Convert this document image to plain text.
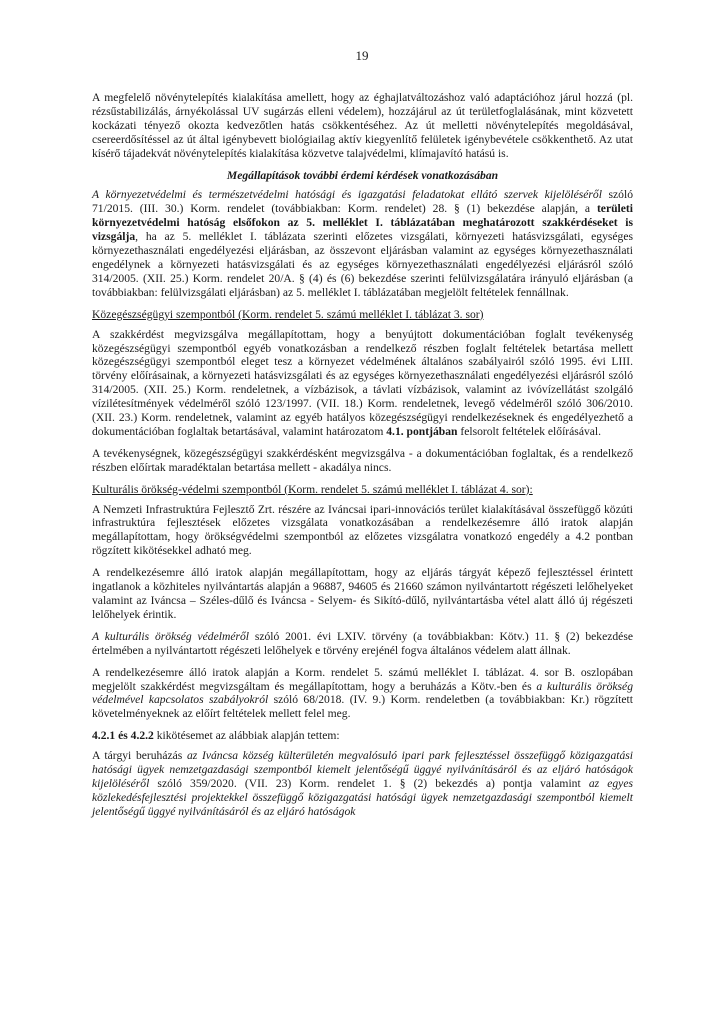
19

A megfelelő növénytelepítés kialakítása amellett, hogy az éghajlatváltozáshoz való adaptációhoz járul hozzá (pl. rézsűstabilizálás, árnyékolással UV sugárzás elleni védelem), hozzájárul az út területfoglalásának, mint közvetett kockázati tényező okozta kedvezőtlen hatás csökkentéséhez. Az út melletti növénytelepítés megoldásával, csereerdősítéssel az út által igénybevett biológiailag aktív kiegyenlítő felületek igénybevétele csökkenthető. Az utat kísérő tájadekvát növénytelepítés kialakítása közvetve talajvédelmi, klímajavító hatású is.

Megállapítások további érdemi kérdések vonatkozásában

A környezetvédelmi és természetvédelmi hatósági és igazgatási feladatokat ellátó szervek kijelöléséről szóló 71/2015. (III. 30.) Korm. rendelet (továbbiakban: Korm. rendelet) 28. § (1) bekezdése alapján, a területi környezetvédelmi hatóság elsőfokon az 5. melléklet I. táblázatában meghatározott szakkérdéseket is vizsgálja, ha az 5. melléklet I. táblázata szerinti előzetes vizsgálati, környezeti hatásvizsgálati, egységes környezethasználati engedélyezési eljárásban, az összevont eljárásban valamint az egységes környezethasználati engedélynek a környezeti hatásvizsgálati és az egységes környezethasználati engedélyezési eljárásról szóló 314/2005. (XII. 25.) Korm. rendelet 20/A. § (4) és (6) bekezdése szerinti felülvizsgálatára irányuló eljárásban (a továbbiakban: felülvizsgálati eljárásban) az 5. melléklet I. táblázatában megjelölt feltételek fennállnak.

Közegészségügyi szempontból (Korm. rendelet 5. számú melléklet I. táblázat 3. sor)

A szakkérdést megvizsgálva megállapítottam, hogy a benyújtott dokumentációban foglalt tevékenység közegészségügyi szempontból egyéb vonatkozásban a rendelkező részben foglalt feltételek betartása mellett közegészségügyi szempontból eleget tesz a környezet védelmének általános szabályairól szóló 1995. évi LIII. törvény előírásainak, a környezeti hatásvizsgálati és az egységes környezethasználati engedélyezési eljárásról szóló 314/2005. (XII. 25.) Korm. rendeletnek, a vízbázisok, a távlati vízbázisok, valamint az ivóvízellátást szolgáló vízilétesítmények védelméről szóló 123/1997. (VII. 18.) Korm. rendeletnek, levegő védelméről szóló 306/2010. (XII. 23.) Korm. rendeletnek, valamint az egyéb hatályos közegészségügyi rendelkezéseknek és engedélyezhető a dokumentációban foglaltak betartásával, valamint határozatom 4.1. pontjában felsorolt feltételek előírásával.

A tevékenységnek, közegészségügyi szakkérdésként megvizsgálva - a dokumentációban foglaltak, és a rendelkező részben előírtak maradéktalan betartása mellett - akadálya nincs.

Kulturális örökség-védelmi szempontból (Korm. rendelet 5. számú melléklet I. táblázat 4. sor):

A Nemzeti Infrastruktúra Fejlesztő Zrt. részére az Iváncsai ipari-innovációs terület kialakításával összefüggő közúti infrastruktúra fejlesztések előzetes vizsgálata vonatkozásában a rendelkezésemre álló iratok alapján megállapítottam, hogy örökségvédelmi szempontból az előzetes vizsgálatra vonatkozó engedély a 4.2 pontban rögzített kikötésekkel adható meg.

A rendelkezésemre álló iratok alapján megállapítottam, hogy az eljárás tárgyát képező fejlesztéssel érintett ingatlanok a közhiteles nyilvántartás alapján a 96887, 94605 és 21660 számon nyilvántartott régészeti lelőhelyeket valamint az Iváncsa – Széles-dűlő és Iváncsa - Selyem- és Sikító-dűlő, nyilvántartásba vétel alatt álló új régészeti lelőhelyek érintik.

A kulturális örökség védelméről szóló 2001. évi LXIV. törvény (a továbbiakban: Kötv.) 11. § (2) bekezdése értelmében a nyilvántartott régészeti lelőhelyek e törvény erejénél fogva általános védelem alatt állnak.

A rendelkezésemre álló iratok alapján a Korm. rendelet 5. számú melléklet I. táblázat. 4. sor B. oszlopában megjelölt szakkérdést megvizsgáltam és megállapítottam, hogy a beruházás a Kötv.-ben és a kulturális örökség védelmével kapcsolatos szabályokról szóló 68/2018. (IV. 9.) Korm. rendeletben (a továbbiakban: Kr.) rögzített követelményeknek az előírt feltételek mellett felel meg.

4.2.1 és 4.2.2 kikötésemet az alábbiak alapján tettem:

A tárgyi beruházás az Iváncsa község külterületén megvalósuló ipari park fejlesztéssel összefüggő közigazgatási hatósági ügyek nemzetgazdasági szempontból kiemelt jelentőségű üggyé nyilvánításáról és az eljáró hatóságok kijelöléséről szóló 359/2020. (VII. 23) Korm. rendelet 1. § (2) bekezdés a) pontja valamint az egyes közlekedésfejlesztési projektekkel összefüggő közigazgatási hatósági ügyek nemzetgazdasági szempontból kiemelt jelentőségű üggyé nyilvánításáról és az eljáró hatóságok
